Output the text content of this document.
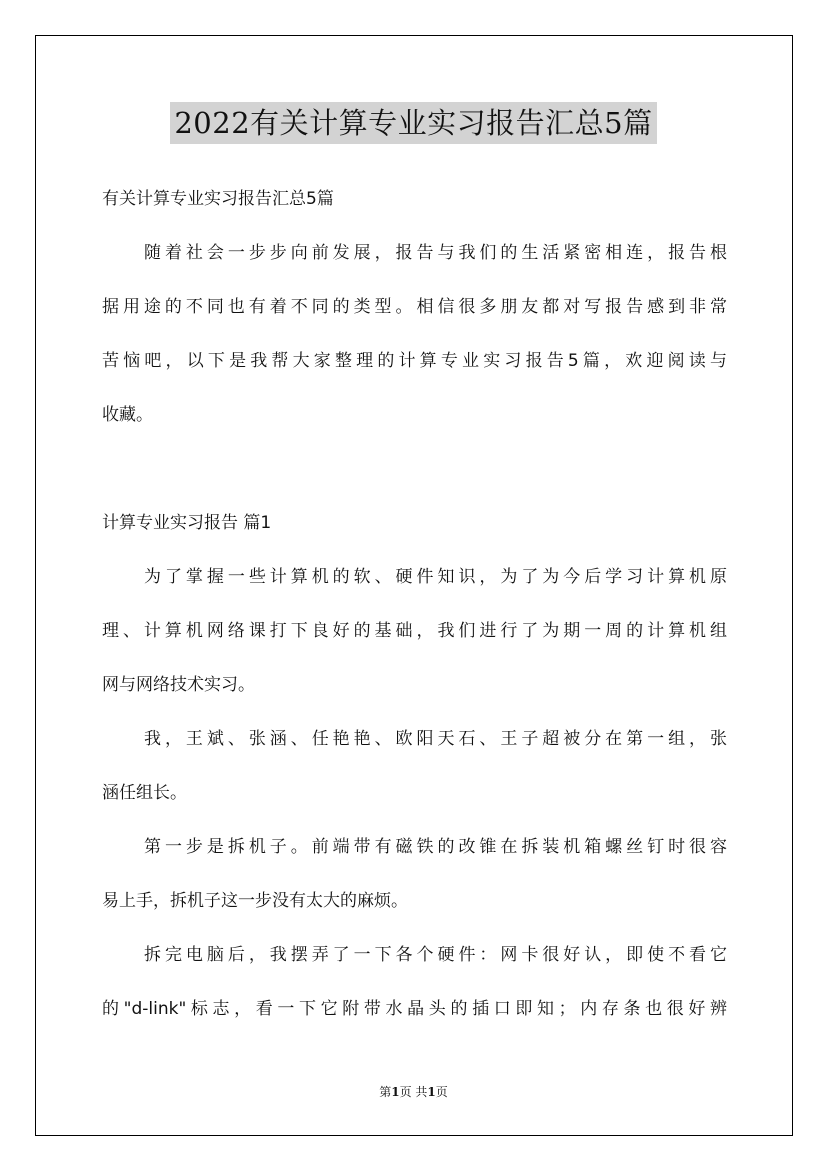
2022有关计算专业实习报告汇总5篇
有关计算专业实习报告汇总5篇
随着社会一步步向前发展，报告与我们的生活紧密相连，报告根
据用途的不同也有着不同的类型。相信很多朋友都对写报告感到非常
苦恼吧，以下是我帮大家整理的计算专业实习报告5篇，欢迎阅读与
收藏。
计算专业实习报告 篇1
为了掌握一些计算机的软、硬件知识，为了为今后学习计算机原
理、计算机网络课打下良好的基础，我们进行了为期一周的计算机组
网与网络技术实习。
我，王斌、张涵、任艳艳、欧阳天石、王子超被分在第一组，张
涵任组长。
第一步是拆机子。前端带有磁铁的改锥在拆装机箱螺丝钉时很容
易上手，拆机子这一步没有太大的麻烦。
拆完电脑后，我摆弄了一下各个硬件：网卡很好认，即使不看它
的"d-link"标志，看一下它附带水晶头的插口即知；内存条也很好辨
第1页 共1页
